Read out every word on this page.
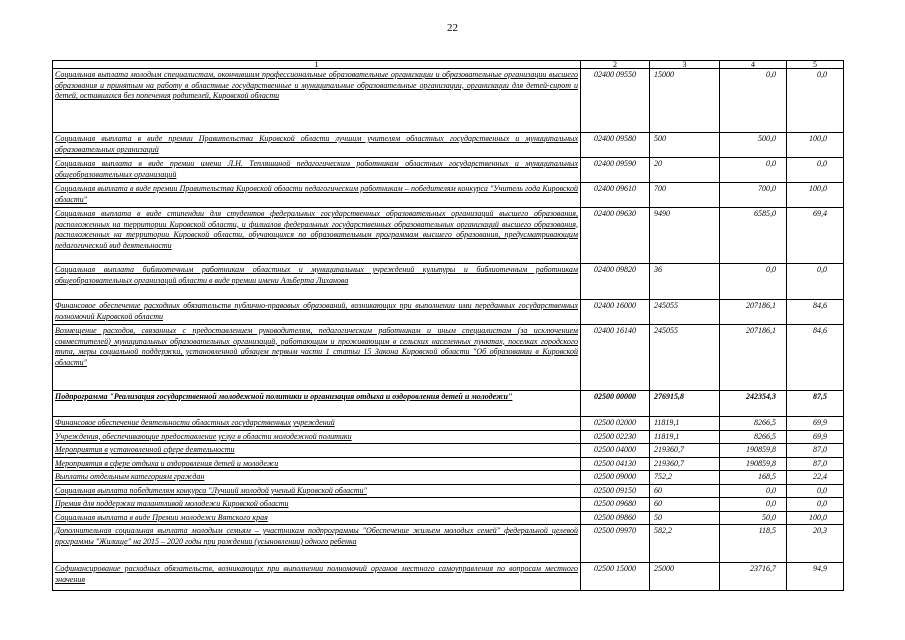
22
1	2	3	4	5
Социальная выплата молодым специалистам, окончившим профессиональные образовательные организации и образовательные организации высшего образования и принятым на работу в областные государственные и муниципальные образовательные организации, организации для детей-сирот и детей, оставшихся без попечения родителей, Кировской области	02400 09550	15000	0,0	0,0
Социальная выплата в виде премии Правительства Кировской области лучшим учителям областных государственных и муниципальных образовательных организаций	02400 09580	500	500,0	100,0
Социальная выплата в виде премии имени Л.Н. Тепляшиной педагогическим работникам областных государственных и муниципальных общеобразовательных организаций	02400 09590	20	0,0	0,0
Социальная выплата в виде премии Правительства Кировской области педагогическим работникам – победителям конкурса "Учитель года Кировской области"	02400 09610	700	700,0	100,0
Социальная выплата в виде стипендии для студентов федеральных государственных образовательных организаций высшего образования, расположенных на территории Кировской области, и филиалов федеральных государственных образовательных организаций высшего образования, расположенных на территории Кировской области, обучающихся по образовательным программам высшего образования, предусматривающим педагогический вид деятельности	02400 09630	9490	6585,0	69,4
Социальная выплата библиотечным работникам областных и муниципальных учреждений культуры и библиотечным работникам общеобразовательных организаций области в виде премии имени Альберта Лиханова	02400 09820	36	0,0	0,0
Финансовое обеспечение расходных обязательств публично-правовых образований, возникающих при выполнении ими переданных государственных полномочий Кировской области	02400 16000	245055	207186,1	84,6
Возмещение расходов, связанных с предоставлением руководителям, педагогическим работникам и иным специалистам (за исключением совместителей) муниципальных образовательных организаций, работающим и проживающим в сельских населенных пунктах, поселках городского типа, меры социальной поддержки, установленной абзацем первым части 1 статьи 15 Закона Кировской области "Об образовании в Кировской области"	02400 16140	245055	207186,1	84,6
Подпрограмма "Реализация государственной молодежной политики и организация отдыха и оздоровления детей и молодежи"	02500 00000	276915,8	242354,3	87,5
Финансовое обеспечение деятельности областных государственных учреждений	02500 02000	11819,1	8266,5	69,9
Учреждения, обеспечивающие предоставление услуг в области молодежной политики	02500 02230	11819,1	8266,5	69,9
Мероприятия в установленной сфере деятельности	02500 04000	219360,7	190859,8	87,0
Мероприятия в сфере отдыха и оздоровления детей и молодежи	02500 04130	219360,7	190859,8	87,0
Выплаты отдельным категориям граждан	02500 09000	752,2	168,5	22,4
Социальная выплата победителям конкурса "Лучший молодой ученый Кировской области"	02500 09150	60	0,0	0,0
Премия для поддержки талантливой молодежи Кировской области	02500 09680	60	0,0	0,0
Социальная выплата в виде Премии молодежи Вятского края	02500 09860	50	50,0	100,0
Дополнительная социальная выплата молодым семьям – участникам подпрограммы "Обеспечение жильем молодых семей" федеральной целевой программы "Жилище" на 2015 – 2020 годы при рождении (усыновлении) одного ребенка	02500 09970	582,2	118,5	20,3
Софинансирование расходных обязательств, возникающих при выполнении полномочий органов местного самоуправления по вопросам местного значения	02500 15000	25000	23716,7	94,9
